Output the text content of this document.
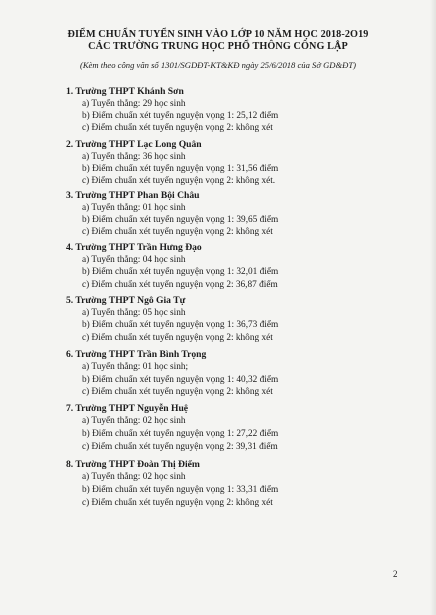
ĐIỂM CHUẨN TUYỂN SINH VÀO LỚP 10 NĂM HỌC 2018-2O19
CÁC TRƯỜNG TRUNG HỌC PHỔ THÔNG CÔNG LẬP
(Kèm theo công văn số 1301/SGDĐT-KT&KĐ ngày 25/6/2018 của Sở GD&ĐT)
1. Trường THPT Khánh Sơn
a) Tuyển thẳng: 29 học sinh
b) Điểm chuẩn xét tuyển nguyện vọng 1: 25,12 điểm
c) Điểm chuẩn xét tuyển nguyện vọng 2: không xét
2. Trường THPT Lạc Long Quân
a) Tuyển thẳng: 36 học sinh
b) Điểm chuẩn xét tuyển nguyện vọng 1: 31,56 điểm
c) Điểm chuẩn xét tuyển nguyện vọng 2: không xét.
3. Trường THPT Phan Bội Châu
a) Tuyển thẳng: 01 học sinh
b) Điểm chuẩn xét tuyển nguyện vọng 1: 39,65 điểm
c) Điểm chuẩn xét tuyển nguyện vọng 2: không xét
4. Trường THPT Trần Hưng Đạo
a) Tuyển thẳng: 04 học sinh
b) Điểm chuẩn xét tuyển nguyện vọng 1: 32,01 điểm
c) Điểm chuẩn xét tuyển nguyện vọng 2: 36,87 điểm
5. Trường THPT Ngô Gia Tự
a) Tuyển thẳng: 05 học sinh
b) Điểm chuẩn xét tuyển nguyện vọng 1: 36,73 điểm
c) Điểm chuẩn xét tuyển nguyện vọng 2: không xét
6. Trường THPT Trần Bình Trọng
a) Tuyển thẳng: 01 học sinh;
b) Điểm chuẩn xét tuyển nguyện vọng 1: 40,32 điểm
c) Điểm chuẩn xét tuyển nguyện vọng 2: không xét
7. Trường THPT Nguyễn Huệ
a) Tuyển thẳng: 02 học sinh
b) Điểm chuẩn xét tuyển nguyện vọng 1: 27,22 điểm
c) Điểm chuẩn xét tuyển nguyện vọng 2: 39,31 điểm
8. Trường THPT Đoàn Thị Điểm
a) Tuyển thẳng: 02 học sinh
b) Điểm chuẩn xét tuyển nguyện vọng 1: 33,31 điểm
c) Điểm chuẩn xét tuyển nguyện vọng 2: không xét
2
